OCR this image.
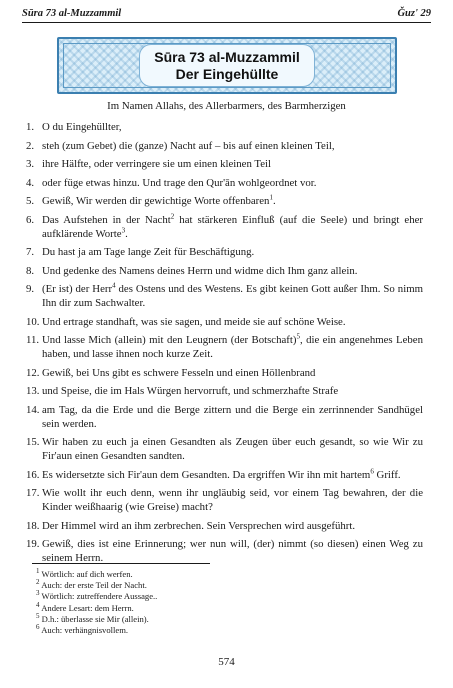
Sūra 73 al-Muzzammil	Ǧuz' 29
Sūra 73 al-Muzzammil
Der Eingehüllte
Im Namen Allahs, des Allerbarmers, des Barmherzigen
1. O du Eingehüllter,
2. steh (zum Gebet) die (ganze) Nacht auf – bis auf einen kleinen Teil,
3. ihre Hälfte, oder verringere sie um einen kleinen Teil
4. oder füge etwas hinzu. Und trage den Qur'ān wohlgeordnet vor.
5. Gewiß, Wir werden dir gewichtige Worte offenbaren$^1$.
6. Das Aufstehen in der Nacht$^2$ hat stärkeren Einfluß (auf die Seele) und bringt eher aufklärende Worte$^3$.
7. Du hast ja am Tage lange Zeit für Beschäftigung.
8. Und gedenke des Namens deines Herrn und widme dich Ihm ganz allein.
9. (Er ist) der Herr$^4$ des Ostens und des Westens. Es gibt keinen Gott außer Ihm. So nimm Ihn dir zum Sachwalter.
10. Und ertrage standhaft, was sie sagen, und meide sie auf schöne Weise.
11. Und lasse Mich (allein) mit den Leugnern (der Botschaft)$^5$, die ein angenehmes Leben haben, und lasse ihnen noch kurze Zeit.
12. Gewiß, bei Uns gibt es schwere Fesseln und einen Höllenbrand
13. und Speise, die im Hals Würgen hervorruft, und schmerzhafte Strafe
14. am Tag, da die Erde und die Berge zittern und die Berge ein zerrinnender Sandhügel sein werden.
15. Wir haben zu euch ja einen Gesandten als Zeugen über euch gesandt, so wie Wir zu Fir'aun einen Gesandten sandten.
16. Es widersetzte sich Fir'aun dem Gesandten. Da ergriffen Wir ihn mit hartem$^6$ Griff.
17. Wie wollt ihr euch denn, wenn ihr ungläubig seid, vor einem Tag bewahren, der die Kinder weißhaarig (wie Greise) macht?
18. Der Himmel wird an ihm zerbrechen. Sein Versprechen wird ausgeführt.
19. Gewiß, dies ist eine Erinnerung; wer nun will, (der) nimmt (so diesen) einen Weg zu seinem Herrn.
$^1$ Wörtlich: auf dich werfen.
$^2$ Auch: der erste Teil der Nacht.
$^3$ Wörtlich: zutreffendere Aussage..
$^4$ Andere Lesart: dem Herrn.
$^5$ D.h.: überlasse sie Mir (allein).
$^6$ Auch: verhängnisvollem.
574
